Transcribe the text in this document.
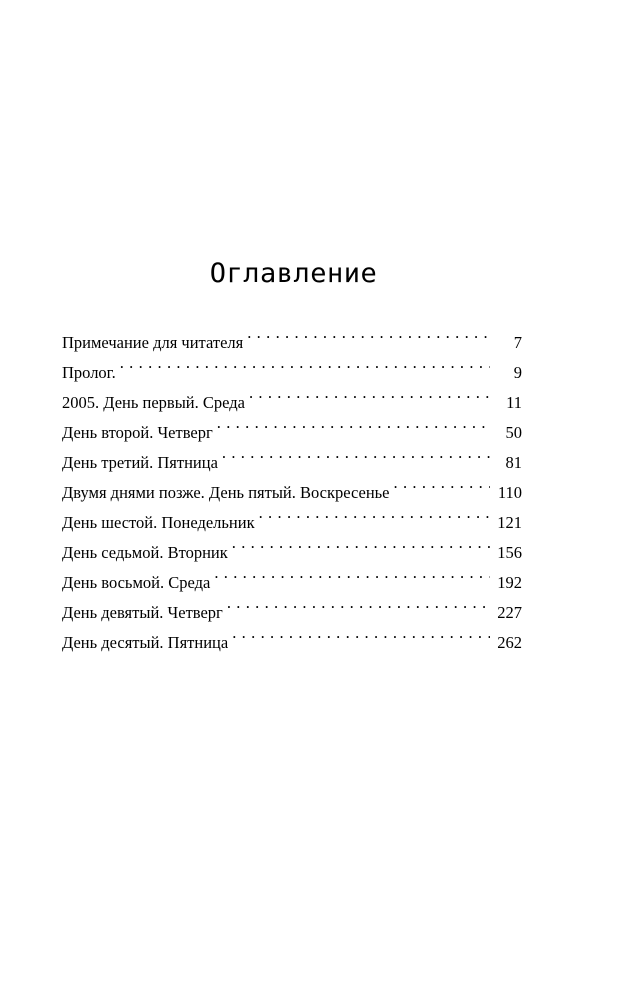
Оглавление
Примечание для читателя . . .	7
Пролог. . . .	9
2005. День первый. Среда . . .	11
День второй. Четверг . . .	50
День третий. Пятница . . .	81
Двумя днями позже. День пятый. Воскресенье . . .	110
День шестой. Понедельник . . .	121
День седьмой. Вторник . . .	156
День восьмой. Среда . . .	192
День девятый. Четверг . . .	227
День десятый. Пятница . . .	262
